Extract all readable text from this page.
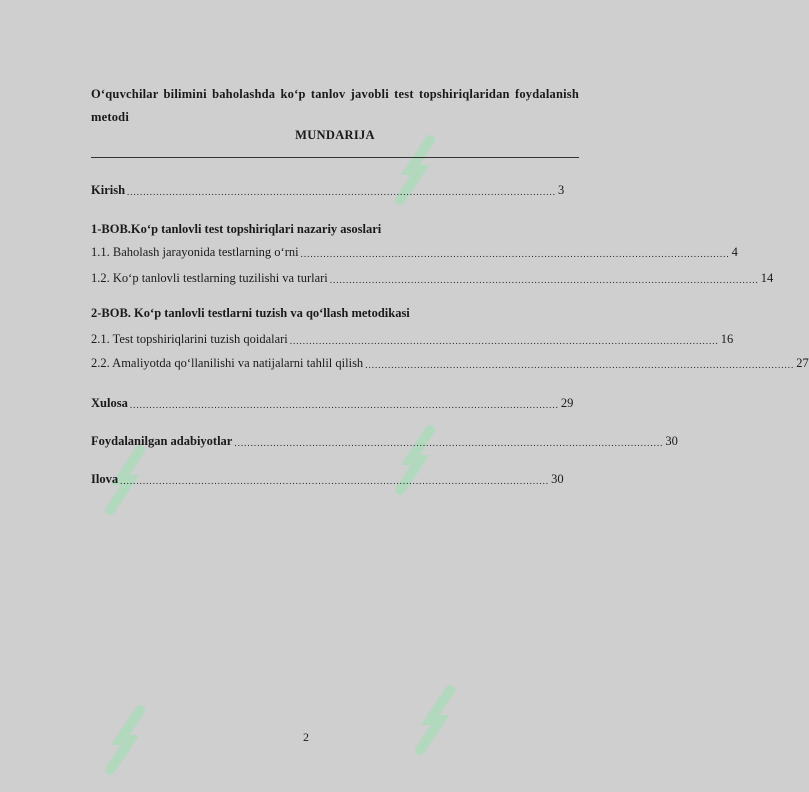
O‘quvchilar bilimini baholashda ko‘p tanlov javobli test topshiriqlaridan foydalanish metodi
MUNDARIJA
Kirish .................................................................................................................................... 3
1-BOB.Ko‘p tanlovli test topshiriqlari nazariy asoslari
1.1. Baholash jarayonida testlarning o‘rni .................................................................................................................................... 4
1.2. Ko‘p tanlovli testlarning tuzilishi va turlari .................................................................................................................................... 14
2-BOB. Ko‘p tanlovli testlarni tuzish va qo‘llash metodikasi
2.1. Test topshiriqlarini tuzish qoidalari .................................................................................................................................... 16
2.2. Amaliyotda qo‘llanilishi va natijalarni tahlil qilish .................................................................................................................................... 27
Xulosa .................................................................................................................................... 29
Foydalanilgan adabiyotlar .................................................................................................................................... 30
Ilova .................................................................................................................................... 30
2
